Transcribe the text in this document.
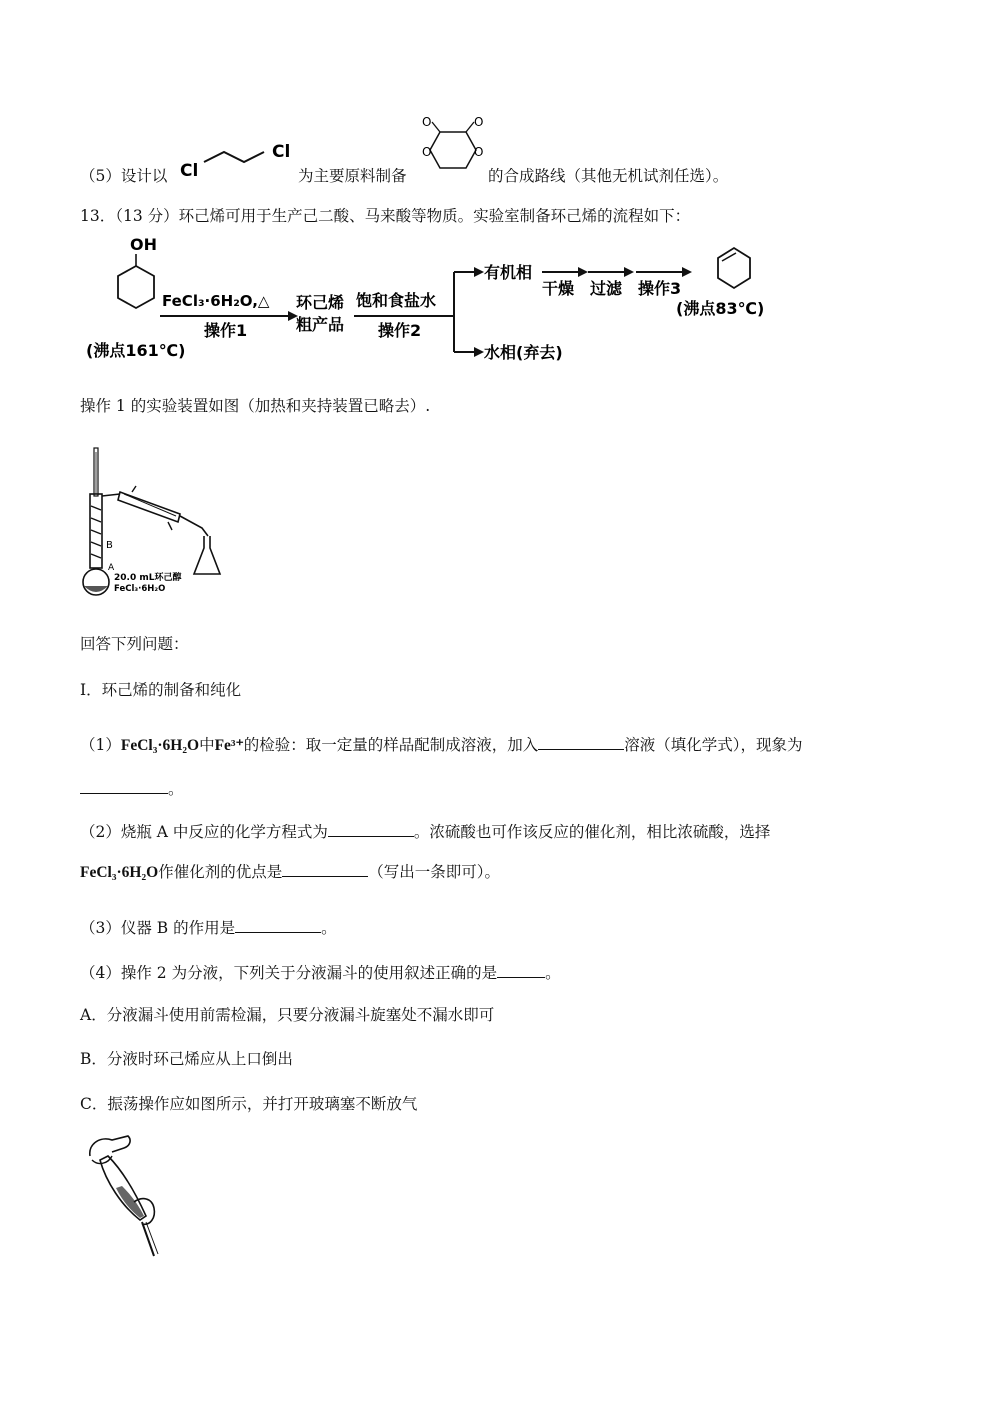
（5）设计以 Cl
Cl
为主要原料制备
O	O
O	O
的合成路线（其他无机试剂任选）。
13．（13 分）环己烯可用于生产己二酸、马来酸等物质。实验室制备环己烯的流程如下：
OH
(沸点161℃)
FeCl₃·6H₂O,△
操作1
环己烯
粗产品
饱和食盐水
操作2
有机相
水相(弃去)
干燥 过滤 操作3
(沸点83℃)
操作 1 的实验装置如图（加热和夹持装置已略去）.
B
A
20.0 mL环己醇
FeCl₃·6H₂O
回答下列问题：
Ⅰ．环己烯的制备和纯化
（1）FeCl₃·6H₂O中Fe³⁺的检验：取一定量的样品配制成溶液，加入	溶液（填化学式），现象为
。
（2）烧瓶 A 中反应的化学方程式为	。浓硫酸也可作该反应的催化剂，相比浓硫酸，选择
FeCl₃·6H₂O作催化剂的优点是	（写出一条即可）。
（3）仪器 B 的作用是	。
（4）操作 2 为分液，下列关于分液漏斗的使用叙述正确的是	。
A．分液漏斗使用前需检漏，只要分液漏斗旋塞处不漏水即可
B．分液时环己烯应从上口倒出
C．振荡操作应如图所示，并打开玻璃塞不断放气
